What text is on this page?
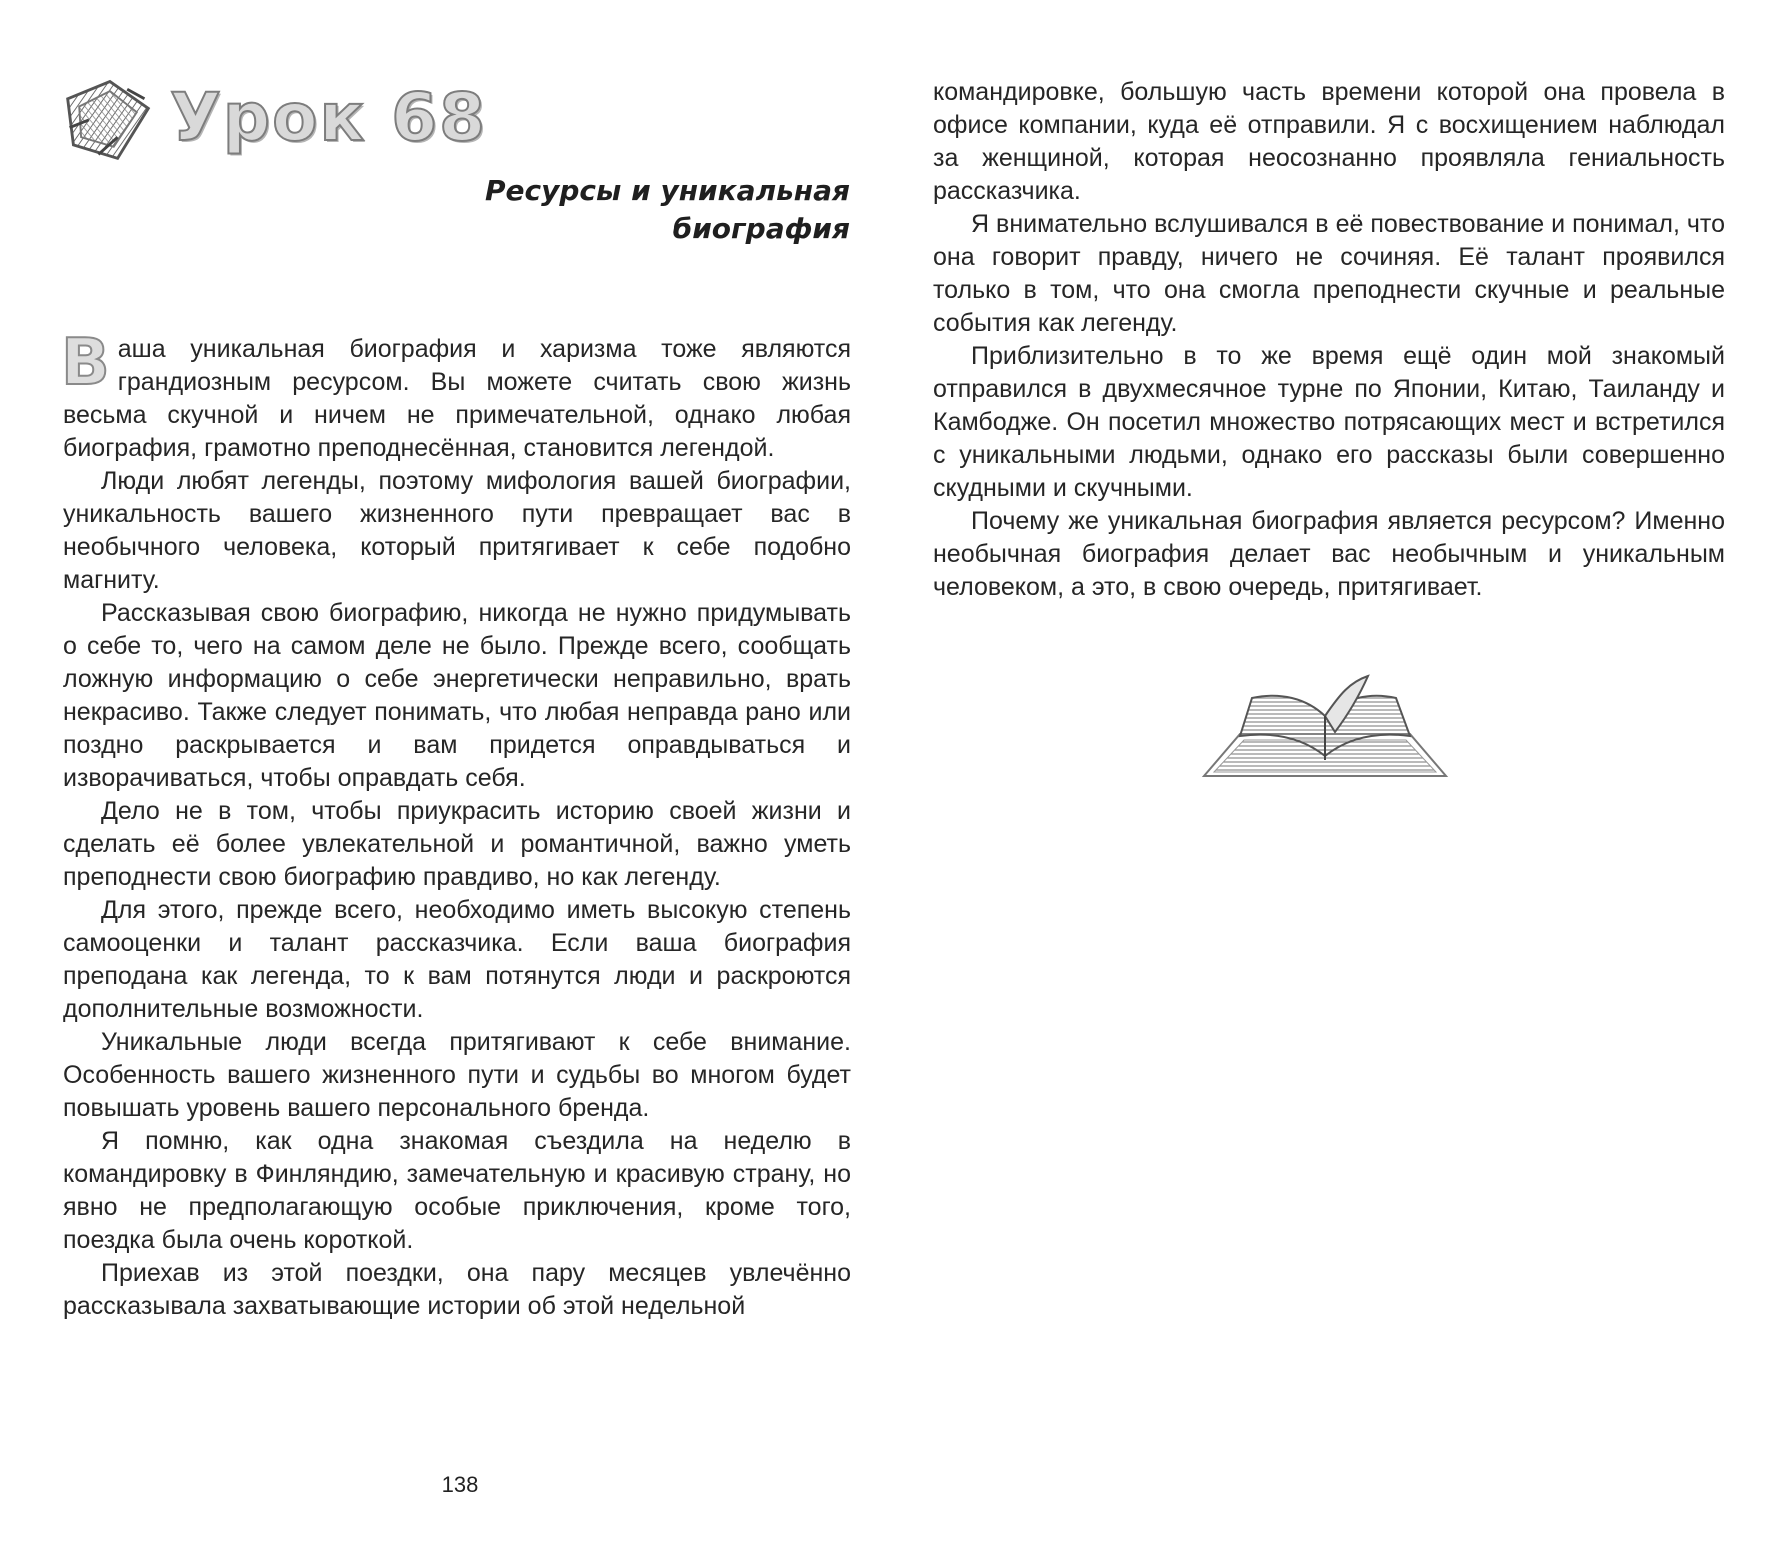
Урок 68
Ресурсы и уникальная
биография

Ваша уникальная биография и харизма тоже являются грандиозным ресурсом. Вы можете считать свою жизнь весьма скучной и ничем не примечательной, однако любая биография, грамотно преподнесённая, становится легендой.

Люди любят легенды, поэтому мифология вашей биографии, уникальность вашего жизненного пути превращает вас в необычного человека, который притягивает к себе подобно магниту.

Рассказывая свою биографию, никогда не нужно придумывать о себе то, чего на самом деле не было. Прежде всего, сообщать ложную информацию о себе энергетически неправильно, врать некрасиво. Также следует понимать, что любая неправда рано или поздно раскрывается и вам придется оправдываться и изворачиваться, чтобы оправдать себя.

Дело не в том, чтобы приукрасить историю своей жизни и сделать её более увлекательной и романтичной, важно уметь преподнести свою биографию правдиво, но как легенду.

Для этого, прежде всего, необходимо иметь высокую степень самооценки и талант рассказчика. Если ваша биография преподана как легенда, то к вам потянутся люди и раскроются дополнительные возможности.

Уникальные люди всегда притягивают к себе внимание. Особенность вашего жизненного пути и судьбы во многом будет повышать уровень вашего персонального бренда.

Я помню, как одна знакомая съездила на неделю в командировку в Финляндию, замечательную и красивую страну, но явно не предполагающую особые приключения, кроме того, поездка была очень короткой.

Приехав из этой поездки, она пару месяцев увлечённо рассказывала захватывающие истории об этой недельной

138

командировке, большую часть времени которой она провела в офисе компании, куда её отправили. Я с восхищением наблюдал за женщиной, которая неосознанно проявляла гениальность рассказчика.

Я внимательно вслушивался в её повествование и понимал, что она говорит правду, ничего не сочиняя. Её талант проявился только в том, что она смогла преподнести скучные и реальные события как легенду.

Приблизительно в то же время ещё один мой знакомый отправился в двухмесячное турне по Японии, Китаю, Таиланду и Камбодже. Он посетил множество потрясающих мест и встретился с уникальными людьми, однако его рассказы были совершенно скудными и скучными.

Почему же уникальная биография является ресурсом? Именно необычная биография делает вас необычным и уникальным человеком, а это, в свою очередь, притягивает.
